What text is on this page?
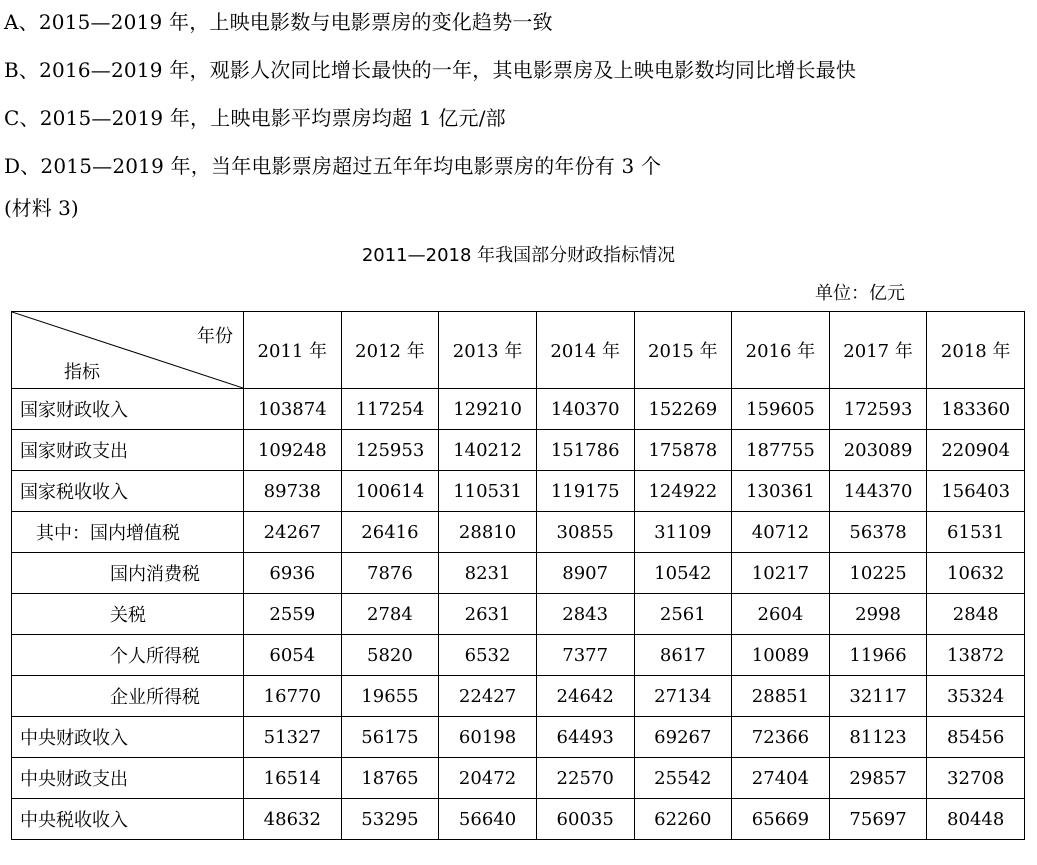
A、2015—2019 年，上映电影数与电影票房的变化趋势一致
B、2016—2019 年，观影人次同比增长最快的一年，其电影票房及上映电影数均同比增长最快
C、2015—2019 年，上映电影平均票房均超 1 亿元/部
D、2015—2019 年，当年电影票房超过五年年均电影票房的年份有 3 个
(材料 3)
2011—2018 年我国部分财政指标情况
单位：亿元
年份
指标	2011 年	2012 年	2013 年	2014 年	2015 年	2016 年	2017 年	2018 年
国家财政收入	103874	117254	129210	140370	152269	159605	172593	183360
国家财政支出	109248	125953	140212	151786	175878	187755	203089	220904
国家税收收入	89738	100614	110531	119175	124922	130361	144370	156403
其中：国内增值税	24267	26416	28810	30855	31109	40712	56378	61531
国内消费税	6936	7876	8231	8907	10542	10217	10225	10632
关税	2559	2784	2631	2843	2561	2604	2998	2848
个人所得税	6054	5820	6532	7377	8617	10089	11966	13872
企业所得税	16770	19655	22427	24642	27134	28851	32117	35324
中央财政收入	51327	56175	60198	64493	69267	72366	81123	85456
中央财政支出	16514	18765	20472	22570	25542	27404	29857	32708
中央税收收入	48632	53295	56640	60035	62260	65669	75697	80448
